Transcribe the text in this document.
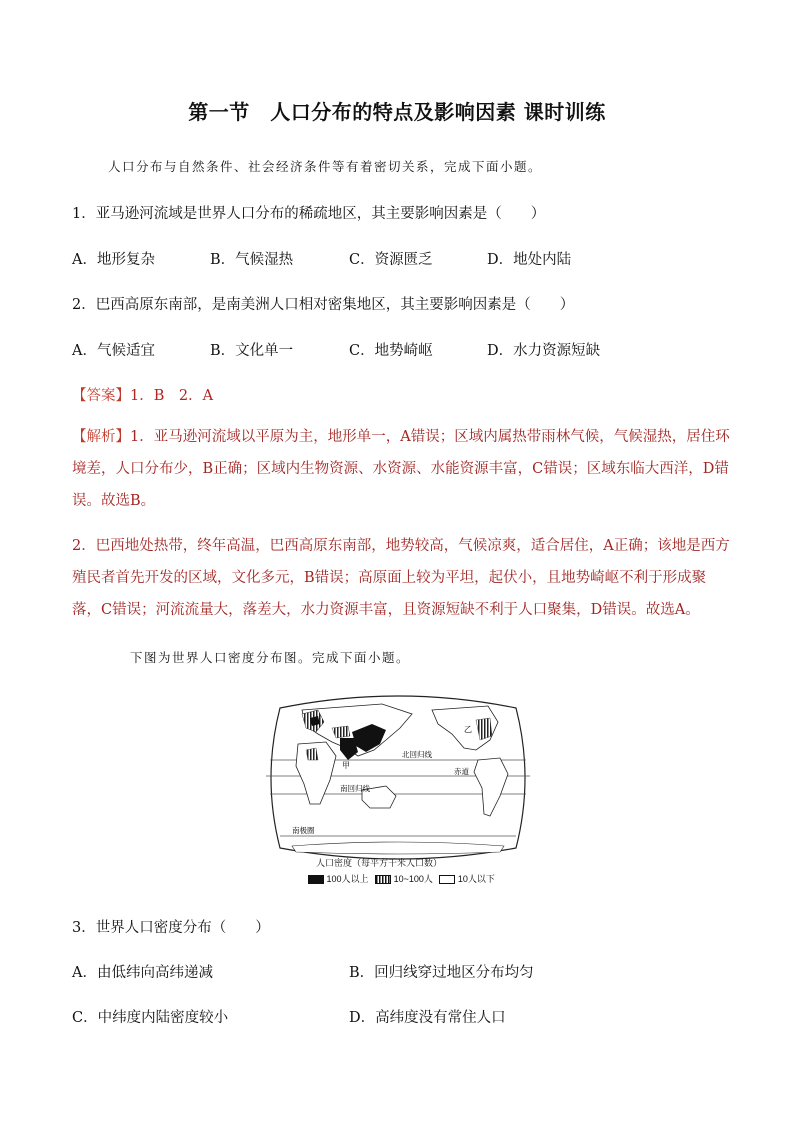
第一节　人口分布的特点及影响因素 课时训练
人口分布与自然条件、社会经济条件等有着密切关系，完成下面小题。
1．亚马逊河流域是世界人口分布的稀疏地区，其主要影响因素是（　　）
A．地形复杂	B．气候湿热	C．资源匮乏	D．地处内陆
2．巴西高原东南部，是南美洲人口相对密集地区，其主要影响因素是（　　）
A．气候适宜	B．文化单一	C．地势崎岖	D．水力资源短缺
【答案】1．B　2．A
【解析】1．亚马逊河流域以平原为主，地形单一，A错误；区域内属热带雨林气候，气候湿热，居住环境差，人口分布少，B正确；区域内生物资源、水资源、水能资源丰富，C错误；区域东临大西洋，D错误。故选B。
2．巴西地处热带，终年高温，巴西高原东南部，地势较高，气候凉爽，适合居住，A正确；该地是西方殖民者首先开发的区域，文化多元，B错误；高原面上较为平坦，起伏小，且地势崎岖不利于形成聚落，C错误；河流流量大，落差大，水力资源丰富，且资源短缺不利于人口聚集，D错误。故选A。
下图为世界人口密度分布图。完成下面小题。
北回归线
赤道
南回归线
南极圈
甲
乙
人口密度（每平方千米人口数）
100人以上	10~100人	10人以下
3．世界人口密度分布（　　）
A．由低纬向高纬递减	B．回归线穿过地区分布均匀
C．中纬度内陆密度较小	D．高纬度没有常住人口
